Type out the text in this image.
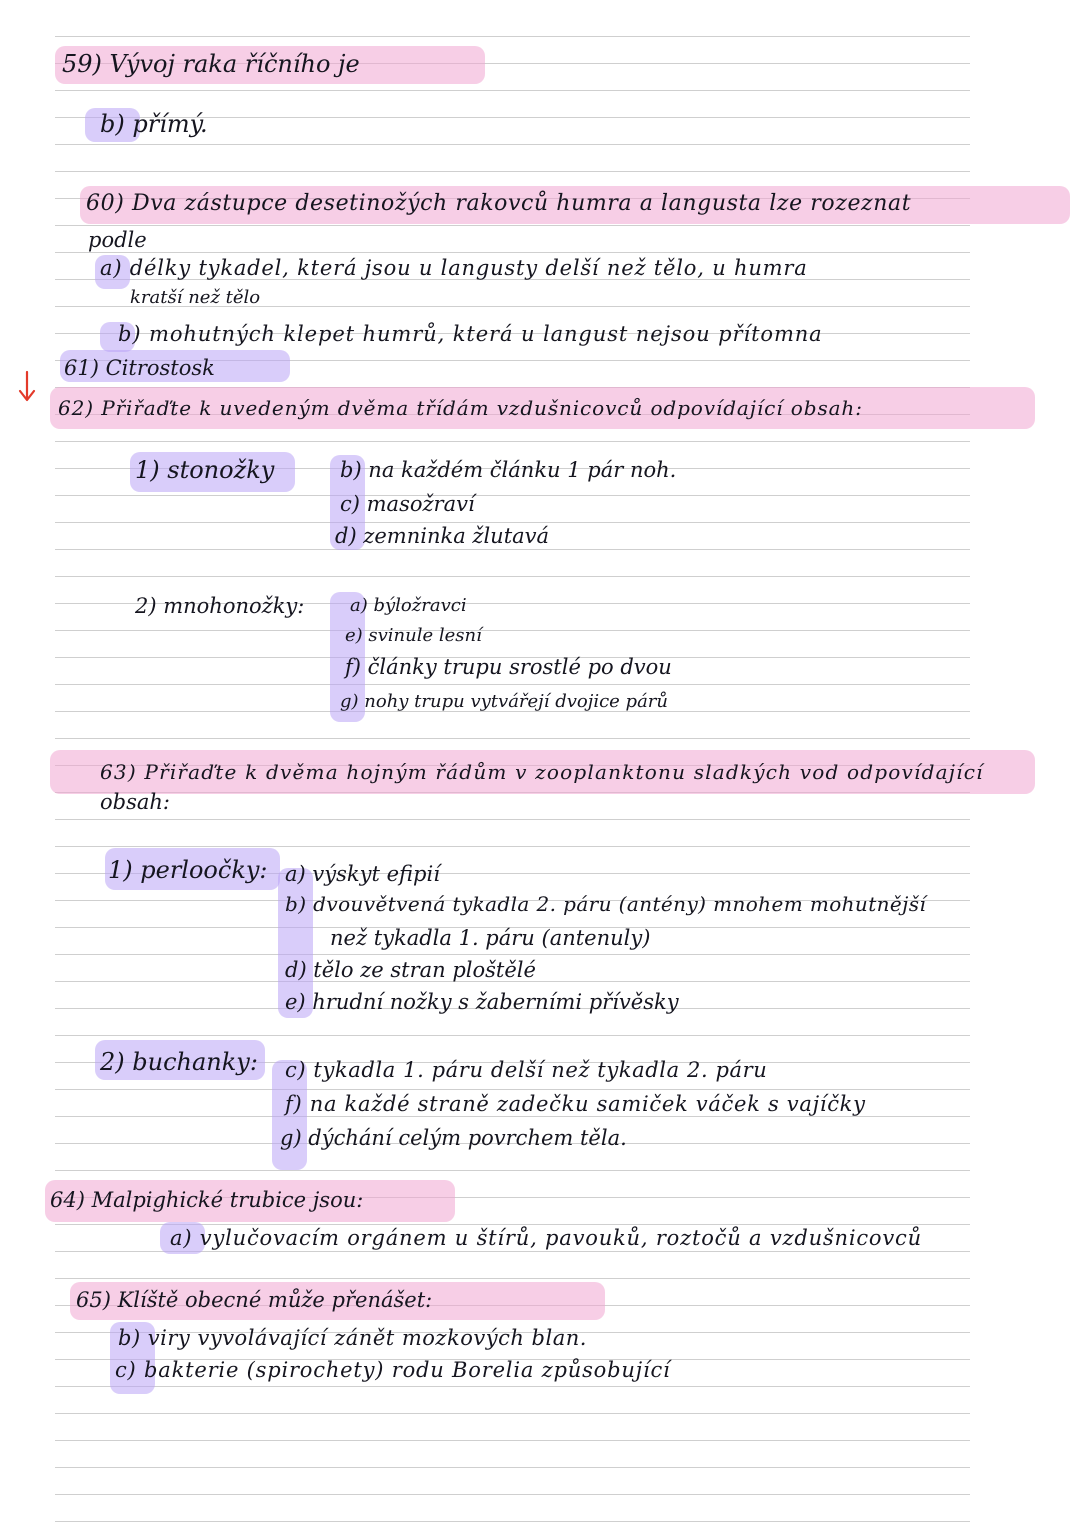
59) Vývoj raka říčního je
b) přímý.
60) Dva zástupce desetinožých rakovců humra a langusta lze rozeznat
podle
a) délky tykadel, která jsou u langusty delší než tělo, u humra
kratší než tělo
b) mohutných klepet humrů, která u langust nejsou přítomna
61) Citrostosk
62) Přiřaďte k uvedeným dvěma třídám vzdušnicovců odpovídající obsah:
1) stonožky	b) na každém článku 1 pár noh.
c) masožraví
d) zemninka žlutavá
2) mnohonožky:	a) býložravci
e) svinule lesní
f) články trupu srostlé po dvou
g) nohy trupu vytvářejí dvojice párů
63) Přiřaďte k dvěma hojným řádům v zooplanktonu sladkých vod odpovídající
obsah:
1) perloočky: a) výskyt efipií
b) dvouvětvená tykadla 2. páru (antény) mnohem mohutnější
než tykadla 1. páru (antenuly)
d) tělo ze stran ploštělé
e) hrudní nožky s žaberními přívěsky
2) buchanky: c) tykadla 1. páru delší než tykadla 2. páru
f) na každé straně zadečku samiček váček s vajíčky
g) dýchání celým povrchem těla.
64) Malpighické trubice jsou:
a) vylučovacím orgánem u štírů, pavouků, roztočů a vzdušnicovců
65) Klíště obecné může přenášet:
b) viry vyvolávající zánět mozkových blan.
c) bakterie (spirochety) rodu Borelia způsobující
